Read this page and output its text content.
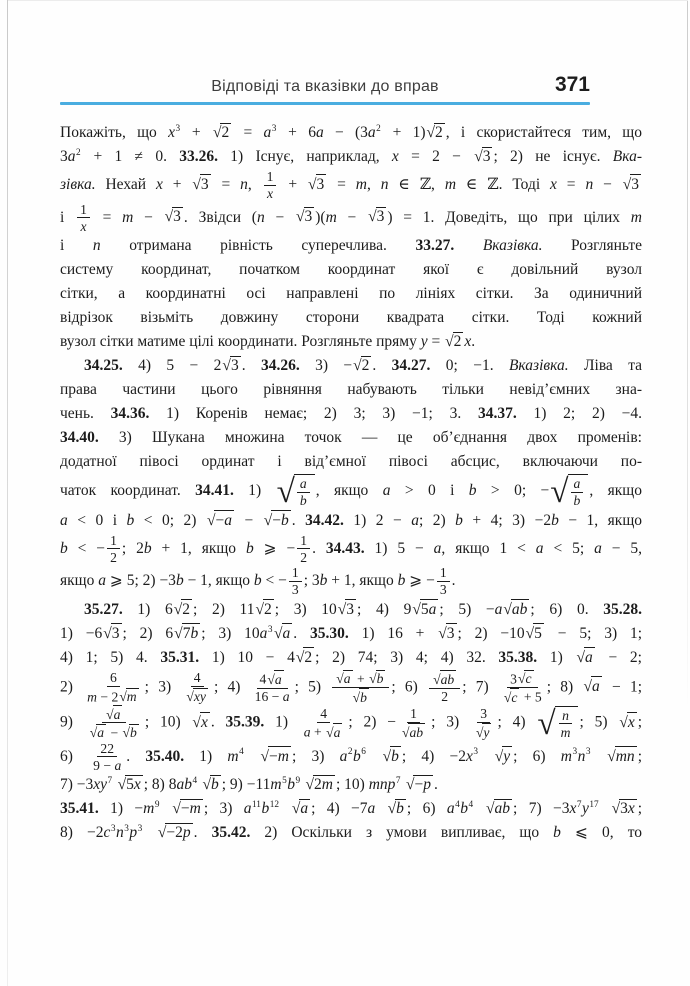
Відповіді та вказівки до вправ	371
Покажіть, що $x^3$ + √ $2 = a^3 + 6a - (3a^2 + 1)$ √ 2 , і скористайтеся тим, що
$3a^2 + 1 \ne 0$. 33.26. 1) Існує, наприклад, x = 2 − √ 3 ; 2) не існує. Вка-
зівка. Нехай x + √ 3 = n, $\frac{1}{x}$ + √ 3 = m, n ∈ ℤ, m ∈ ℤ. Тоді x = n − √ 3
і $\frac{1}{x} = m$ − √ 3 . Звідси (n − √ 3 )(m − √ 3 ) = 1. Доведіть, що при цілих m
і n отримана рівність суперечлива. 33.27. Вказівка. Розгляньте
систему координат, початком координат якої є довільний вузол
сітки, а координатні осі направлені по лініях сітки. За одиничний
відрізок візьміть довжину сторони квадрата сітки. Тоді кожний
вузол сітки матиме цілі координати. Розгляньте пряму y = √ 2 x.
34.25. 4) 5 − 2 √ 3 . 34.26. 3) − √ 2 . 34.27. 0; −1. Вказівка. Ліва та
права частини цього рівняння набувають тільки невід’ємних зна-
чень. 34.36. 1) Коренів немає; 2) 3; 3) −1; 3. 34.37. 1) 2; 2) −4.
34.40. 3) Шукана множина точок — це об’єднання двох променів:
додатної півосі ординат і від’ємної півосі абсцис, включаючи по-
чаток координат. 34.41. 1) √ $\frac{a}{b}$ , якщо a > 0 і b > 0; − √ $\frac{a}{b}$ , якщо
a < 0 і b < 0; 2) √ −a − √ −b . 34.42. 1) 2 − a; 2) b + 4; 3) −2b − 1, якщо
b < − $\frac{1}{2}$ ; 2b + 1, якщо b ⩾ − $\frac{1}{2}$ . 34.43. 1) 5 − a, якщо 1 < a < 5; a − 5,
якщо a ⩾ 5; 2) −3b − 1, якщо b < − $\frac{1}{3}$ ; 3b + 1, якщо b ⩾ − $\frac{1}{3}$ .
35.27. 1) 6 √ 2 ; 2) 11 √ 2 ; 3) 10 √ 3 ; 4) 9 √ 5a ; 5) −a √ ab ; 6) 0. 35.28.
1) −6 √ 3 ; 2) 6 √ 7b ; 3) $10a^3$ √ a . 35.30. 1) 16 + √ 3 ; 2) −10 √ 5 − 5; 3) 1;
4) 1; 5) 4. 35.31. 1) 10 − 4 √ 2 ; 2) 74; 3) 4; 4) 32. 35.38. 1) √ a − 2;
$2) \frac{6}{m - 2 √ m}$ ; $3) \frac{4}{√ xy}$ ; $4) \frac{4 √ a}{16 - a}$ ; $5) \frac{√ a + √ b}{√ b}$ ; $6) \frac{√ ab}{2}$ ; $7) \frac{3 √ c}{√ c + 5}$ ; 8) √ a − 1;
$9) \frac{√ a}{√ a - √ b}$ ; 10) √ x . 35.39. $1) \frac{4}{a + √ a}$ ; $2) - \frac{1}{√ ab}$ ; $3) \frac{3}{√ y}$ ; 4) √ $\frac{n}{m}$ ; 5) √ x ;
$6) \frac{22}{9 - a}$ . 35.40. 1) $m^4$ √ −m ; 3) $a^2b^6$ √ b ; $4) -2x^3$ √ y ; 6) $m^3n^3$ √ mn ;
$7) -3xy^7$ √ 5x ; 8) $8ab^4$ √ b ; $9) -11m^5b^9$ √ 2m ; 10) mnp$^7$ √ −p .
35.41. $1) -m^9$ √ −m ; 3) $a^{11}b^{12}$ √ a ; 4) −7a √ b ; 6) $a^4b^4$ √ ab ; $7) -3x^7y^{17}$ √ 3x ;
$8) -2c^3n^3p^3$ √ −2p . 35.42. 2) Оскільки з умови випливає, що b ⩽ 0, то
